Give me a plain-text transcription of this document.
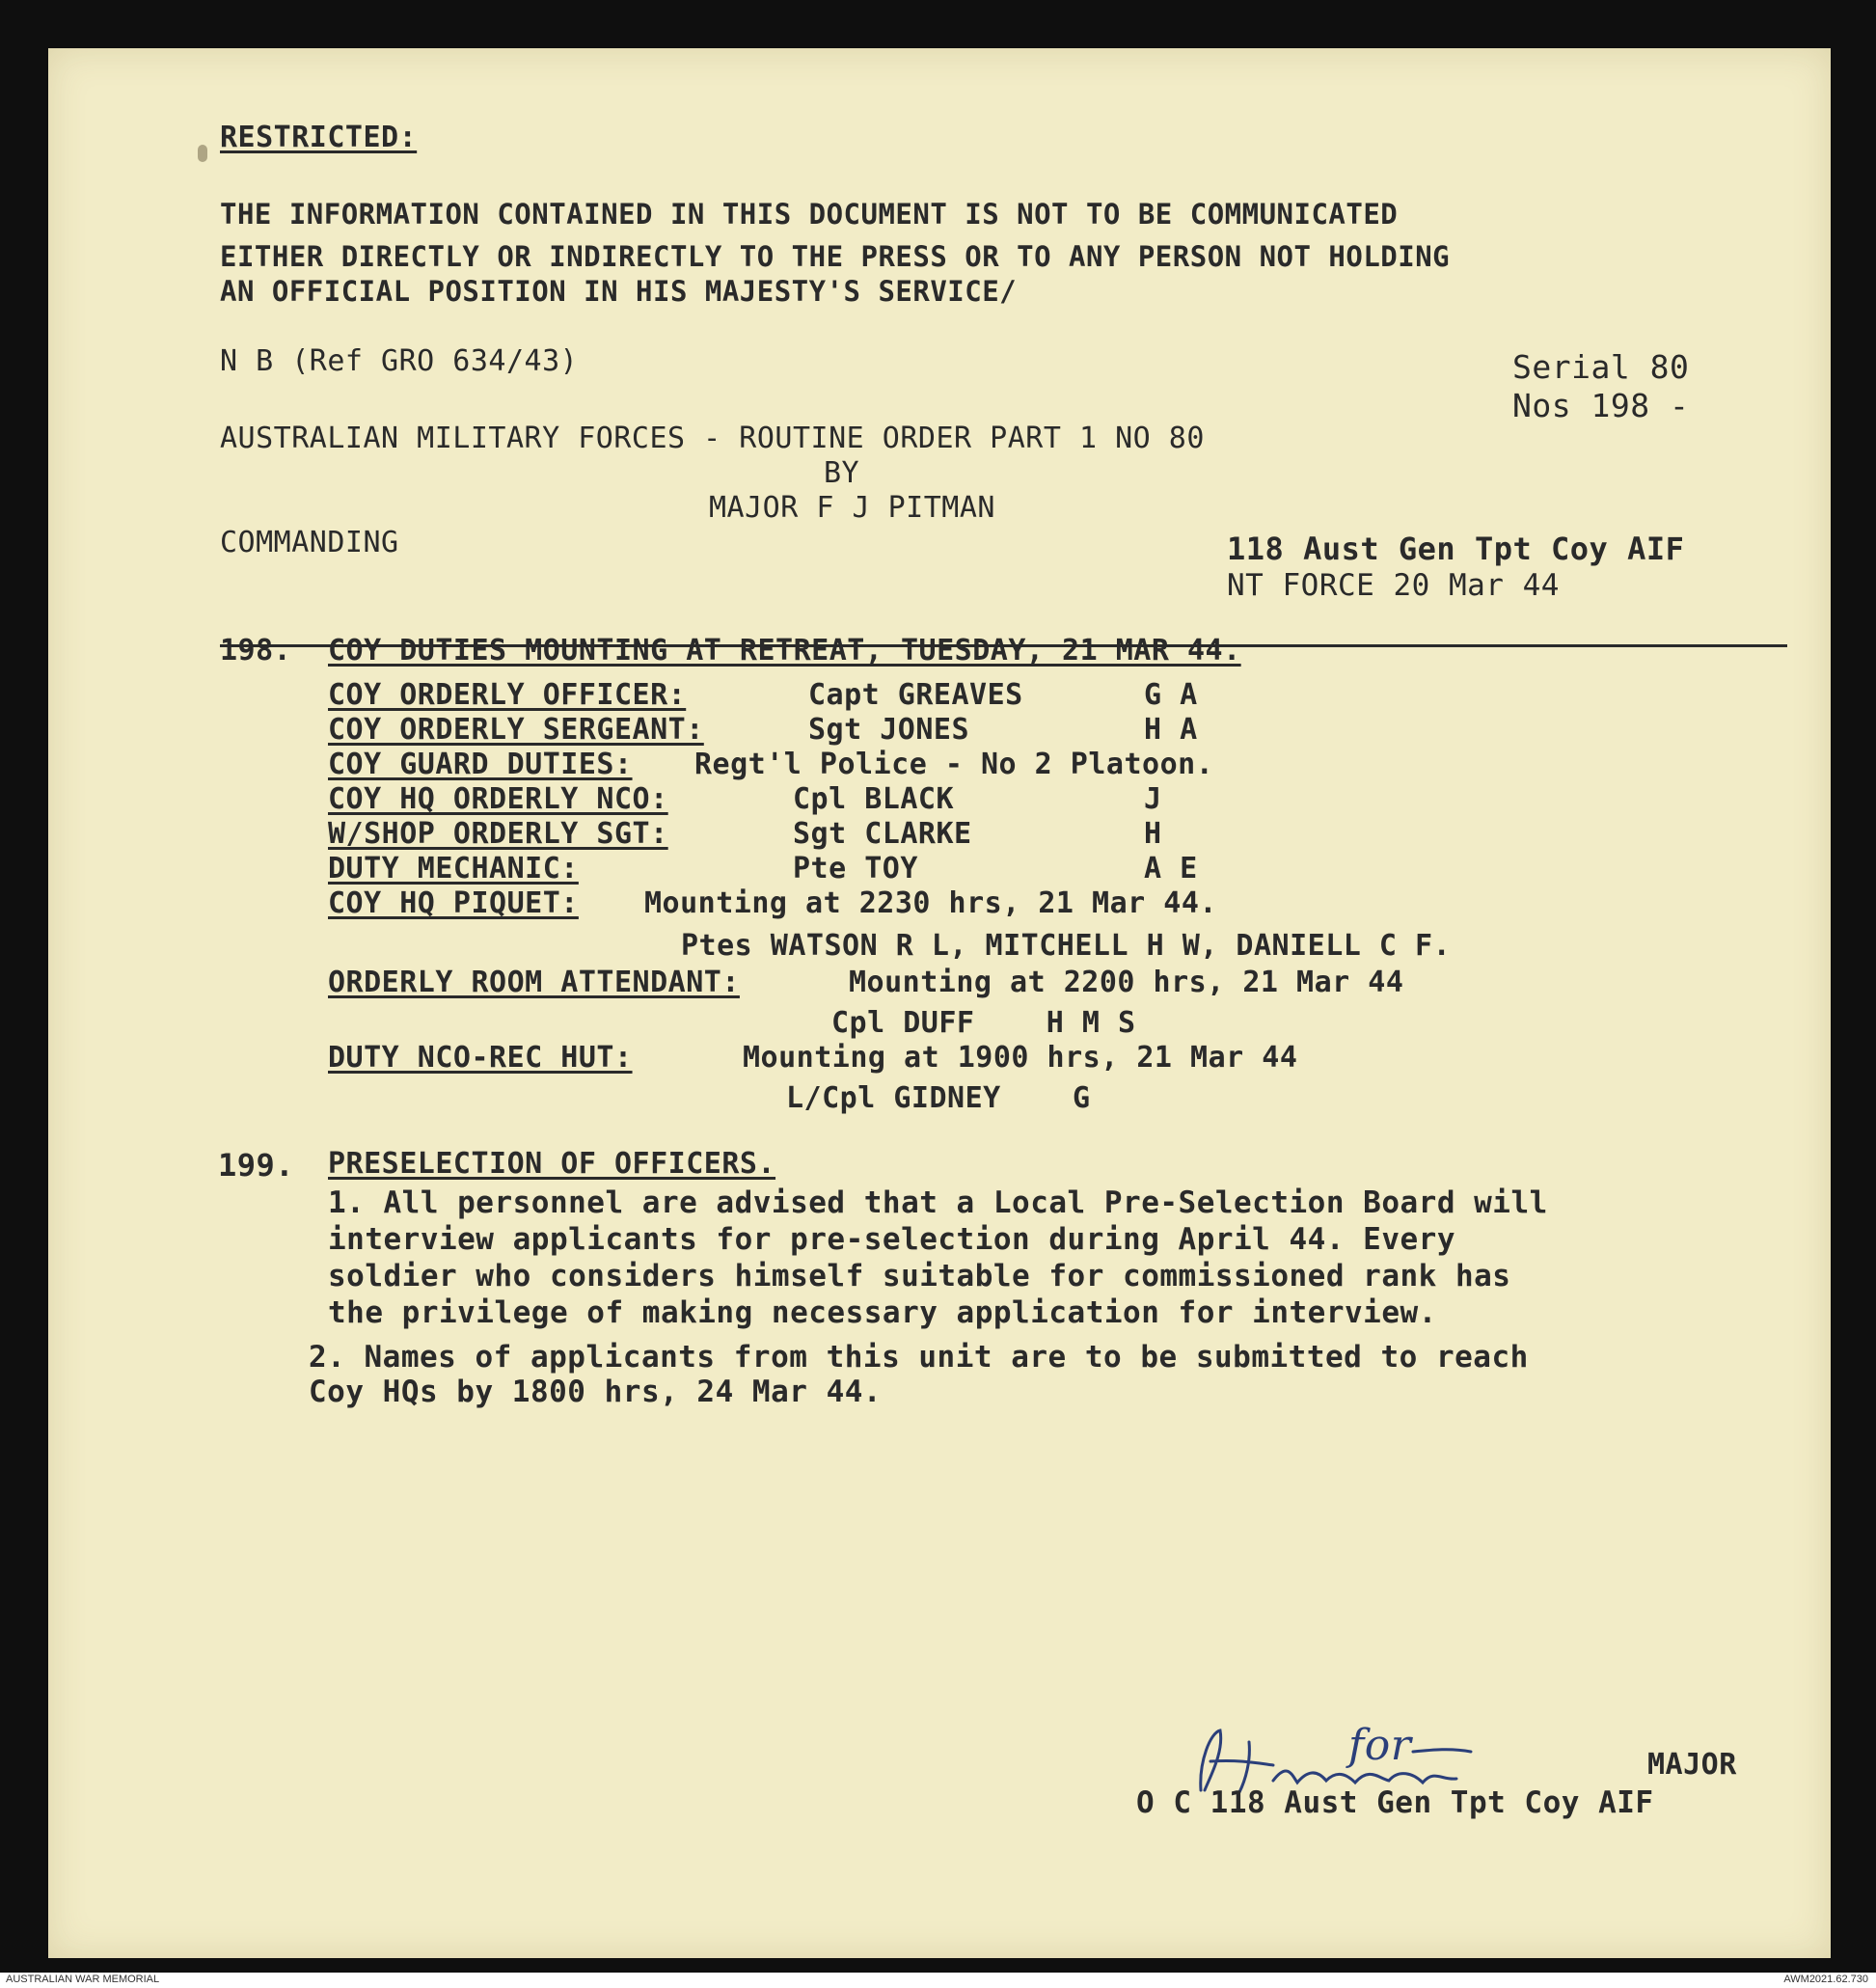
RESTRICTED:
THE INFORMATION CONTAINED IN THIS DOCUMENT IS NOT TO BE COMMUNICATED
EITHER DIRECTLY OR INDIRECTLY TO THE PRESS OR TO ANY PERSON NOT HOLDING
AN OFFICIAL POSITION IN HIS MAJESTY'S SERVICE/
N B (Ref GRO 634/43)	Serial 80
Nos 198 -
AUSTRALIAN MILITARY FORCES - ROUTINE ORDER PART 1 NO 80
BY
MAJOR F J PITMAN
COMMANDING	118 Aust Gen Tpt Coy AIF
NT FORCE 20 Mar 44
198. COY DUTIES MOUNTING AT RETREAT, TUESDAY, 21 MAR 44.
COY ORDERLY OFFICER:	Capt GREAVES	G A
COY ORDERLY SERGEANT:	Sgt JONES	H A
COY GUARD DUTIES: Regt'l Police - No 2 Platoon.
COY HQ ORDERLY NCO:	Cpl BLACK	J
W/SHOP ORDERLY SGT:	Sgt CLARKE	H
DUTY MECHANIC:	Pte TOY	A E
COY HQ PIQUET: Mounting at 2230 hrs, 21 Mar 44.
Ptes WATSON R L, MITCHELL H W, DANIELL C F.
ORDERLY ROOM ATTENDANT:	Mounting at 2200 hrs, 21 Mar 44
Cpl DUFF    H M S
DUTY NCO-REC HUT:	Mounting at 1900 hrs, 21 Mar 44
L/Cpl GIDNEY    G
199. PRESELECTION OF OFFICERS.
1. All personnel are advised that a Local Pre-Selection Board will
interview applicants for pre-selection during April 44. Every
soldier who considers himself suitable for commissioned rank has
the privilege of making necessary application for interview.
2. Names of applicants from this unit are to be submitted to reach
Coy HQs by 1800 hrs, 24 Mar 44.
for	MAJOR
O C 118 Aust Gen Tpt Coy AIF
AUSTRALIAN WAR MEMORIAL	AWM2021.62.730
